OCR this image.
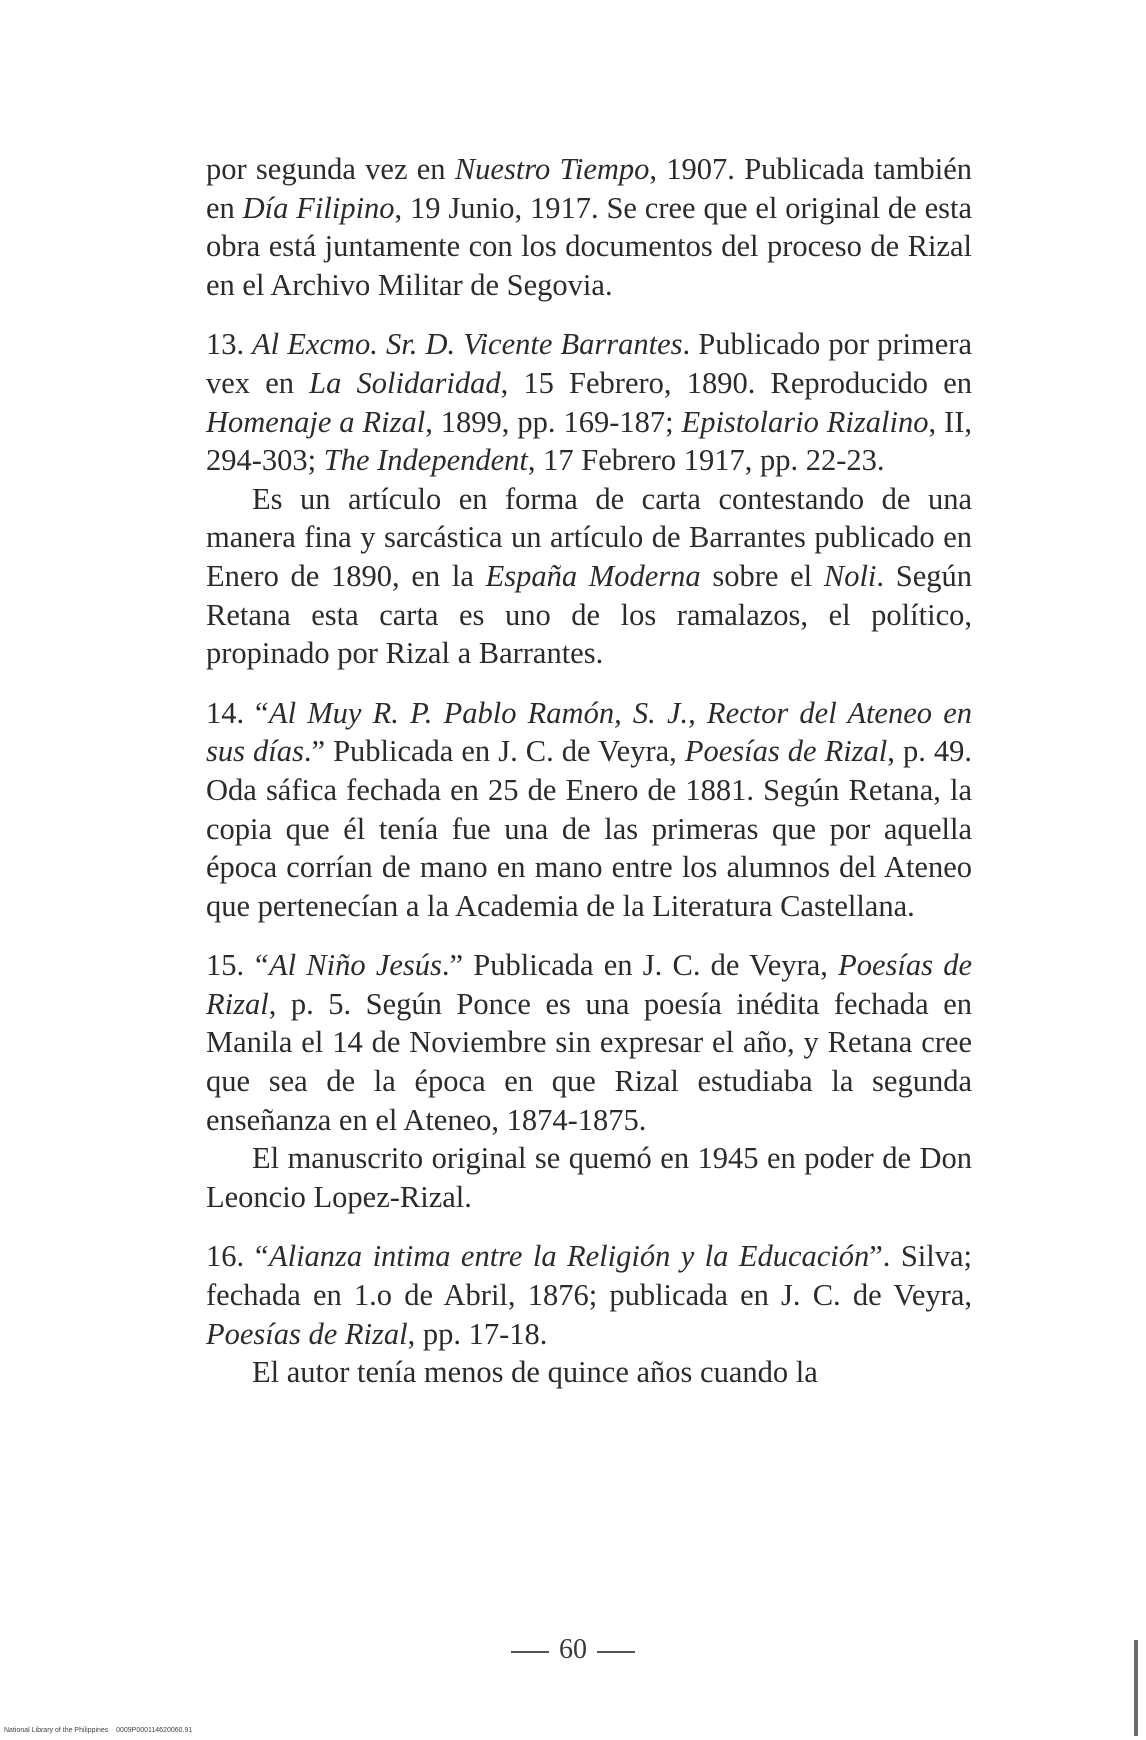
por segunda vez en Nuestro Tiempo, 1907. Publicada también en Día Filipino, 19 Junio, 1917. Se cree que el original de esta obra está juntamente con los documentos del proceso de Rizal en el Archivo Militar de Segovia.

13. Al Excmo. Sr. D. Vicente Barrantes. Publicado por primera vex en La Solidaridad, 15 Febrero, 1890. Reproducido en Homenaje a Rizal, 1899, pp. 169-187; Epistolario Rizalino, II, 294-303; The Independent, 17 Febrero 1917, pp. 22-23.

Es un artículo en forma de carta contestando de una manera fina y sarcástica un artículo de Barrantes publicado en Enero de 1890, en la España Moderna sobre el Noli. Según Retana esta carta es uno de los ramalazos, el político, propinado por Rizal a Barrantes.

14. “Al Muy R. P. Pablo Ramón, S. J., Rector del Ateneo en sus días.” Publicada en J. C. de Veyra, Poesías de Rizal, p. 49. Oda sáfica fechada en 25 de Enero de 1881. Según Retana, la copia que él tenía fue una de las primeras que por aquella época corrían de mano en mano entre los alumnos del Ateneo que pertenecían a la Academia de la Literatura Castellana.

15. “Al Niño Jesús.” Publicada en J. C. de Veyra, Poesías de Rizal, p. 5. Según Ponce es una poesía inédita fechada en Manila el 14 de Noviembre sin expresar el año, y Retana cree que sea de la época en que Rizal estudiaba la segunda enseñanza en el Ateneo, 1874-1875.

El manuscrito original se quemó en 1945 en poder de Don Leoncio Lopez-Rizal.

16. “Alianza intima entre la Religión y la Educación”. Silva; fechada en 1.o de Abril, 1876; publicada en J. C. de Veyra, Poesías de Rizal, pp. 17-18.

El autor tenía menos de quince años cuando la

60
National Library of the Philippines 0009P000114620060.91
